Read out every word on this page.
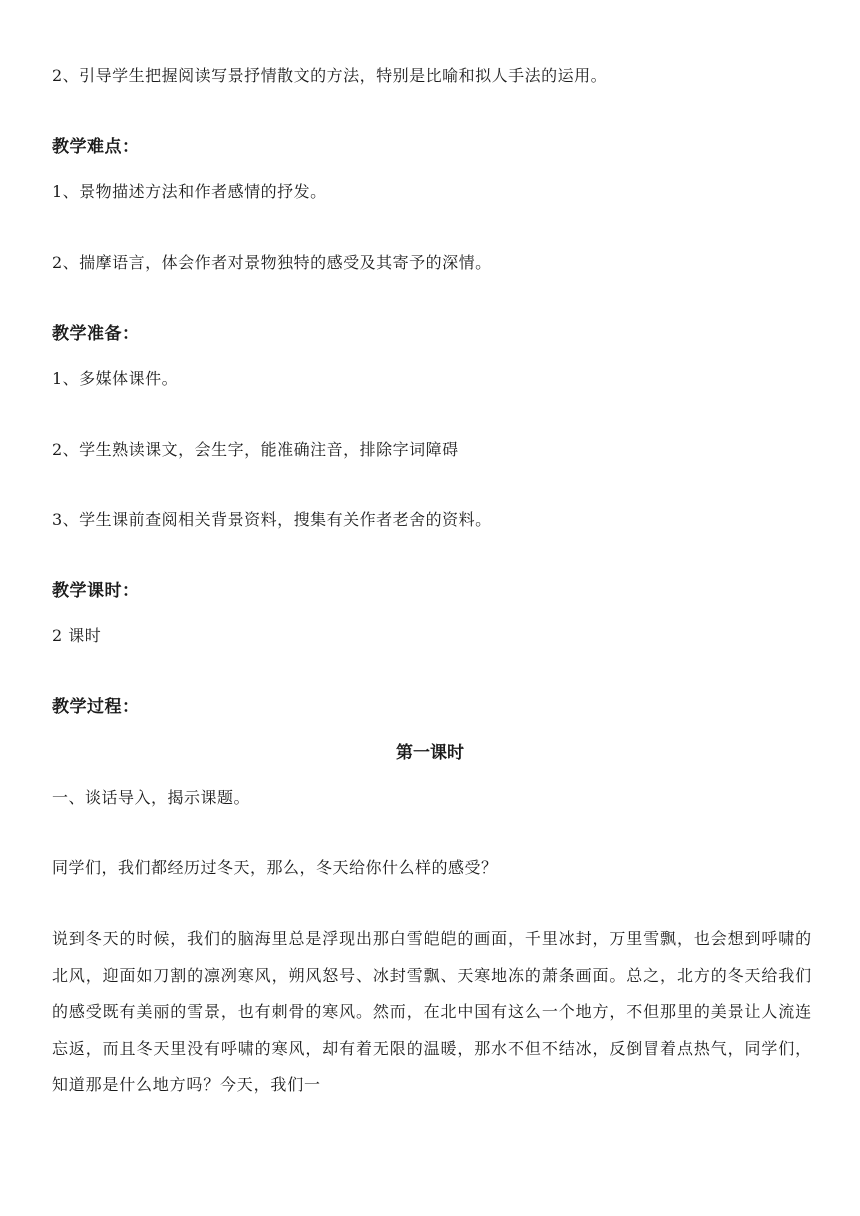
2、引导学生把握阅读写景抒情散文的方法，特别是比喻和拟人手法的运用。
教学难点：
1、景物描述方法和作者感情的抒发。
2、揣摩语言，体会作者对景物独特的感受及其寄予的深情。
教学准备：
1、多媒体课件。
2、学生熟读课文，会生字，能准确注音，排除字词障碍
3、学生课前查阅相关背景资料，搜集有关作者老舍的资料。
教学课时：
2 课时
教学过程：
第一课时
一、谈话导入，揭示课题。
同学们，我们都经历过冬天，那么，冬天给你什么样的感受？
说到冬天的时候，我们的脑海里总是浮现出那白雪皑皑的画面，千里冰封，万里雪飘，也会想到呼啸的北风，迎面如刀割的凛冽寒风，朔风怒号、冰封雪飘、天寒地冻的萧条画面。总之，北方的冬天给我们的感受既有美丽的雪景，也有刺骨的寒风。然而，在北中国有这么一个地方，不但那里的美景让人流连忘返，而且冬天里没有呼啸的寒风，却有着无限的温暖，那水不但不结冰，反倒冒着点热气，同学们，知道那是什么地方吗？今天，我们一
